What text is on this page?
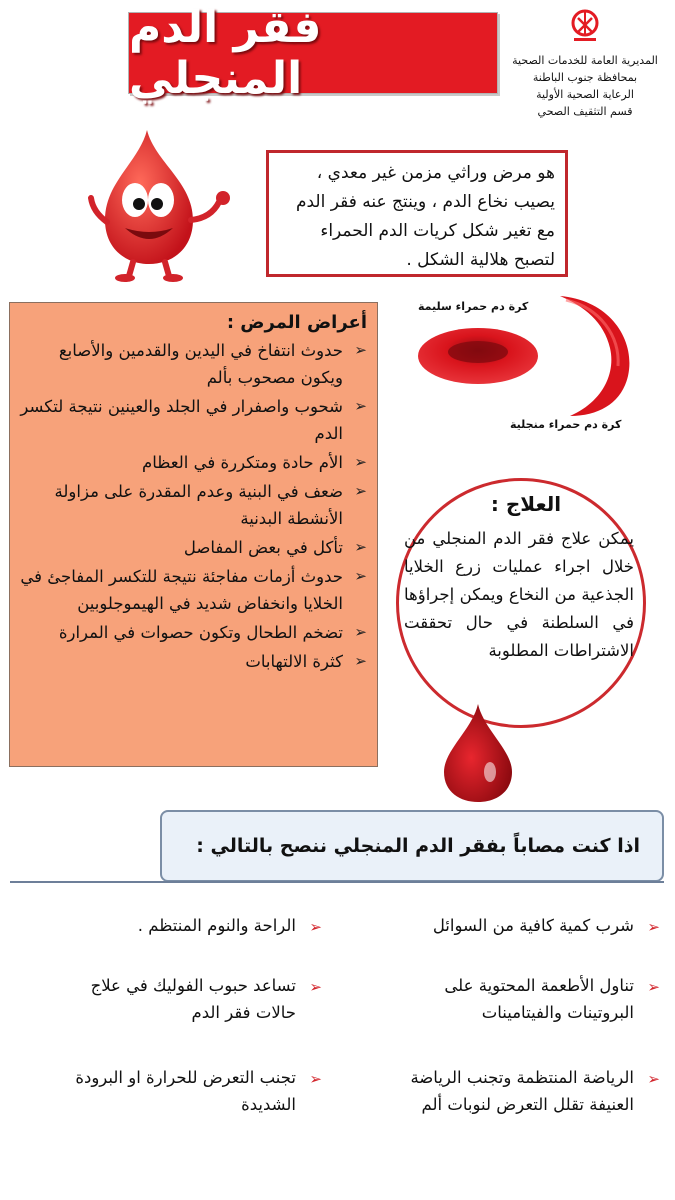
فقر الدم المنجلي	المديرية العامة للخدمات الصحية
بمحافظة جنوب الباطنة
الرعاية الصحية الأولية
قسم التثقيف الصحي
هو مرض وراثي مزمن غير معدي ، يصيب نخاع الدم ، وينتج عنه فقر الدم مع تغير شكل كريات الدم الحمراء لتصبح هلالية الشكل .
أعراض المرض :
➢
حدوث انتفاخ في اليدين والقدمين والأصابع ويكون مصحوب بألم
➢
شحوب واصفرار في الجلد والعينين نتيجة لتكسر الدم
➢
الأم حادة ومتكررة في العظام
➢
ضعف في البنية وعدم المقدرة على مزاولة الأنشطة البدنية
➢
تأكل في بعض المفاصل
➢
حدوث أزمات مفاجئة نتيجة للتكسر المفاجئ في الخلايا وانخفاض شديد في الهيموجلوبين
➢
تضخم الطحال وتكون حصوات في المرارة
➢
كثرة الالتهابات
كرة دم حمراء سليمة
كرة دم حمراء منجلية
العلاج :
يمكن علاج فقر الدم المنجلي من خلال اجراء عمليات زرع الخلايا الجذعية من النخاع ويمكن إجراؤها في السلطنة في حال تحققت الاشتراطات المطلوبة
اذا كنت مصاباً بفقر الدم المنجلي ننصح بالتالي :
➢
شرب كمية كافية من السوائل
➢
تناول الأطعمة المحتوية على البروتينات والفيتامينات
➢
الرياضة المنتظمة وتجنب الرياضة العنيفة تقلل التعرض لنوبات ألم
➢
الراحة والنوم المنتظم .
➢
تساعد حبوب الفوليك في علاج حالات فقر الدم
➢
تجنب التعرض للحرارة او البرودة الشديدة
